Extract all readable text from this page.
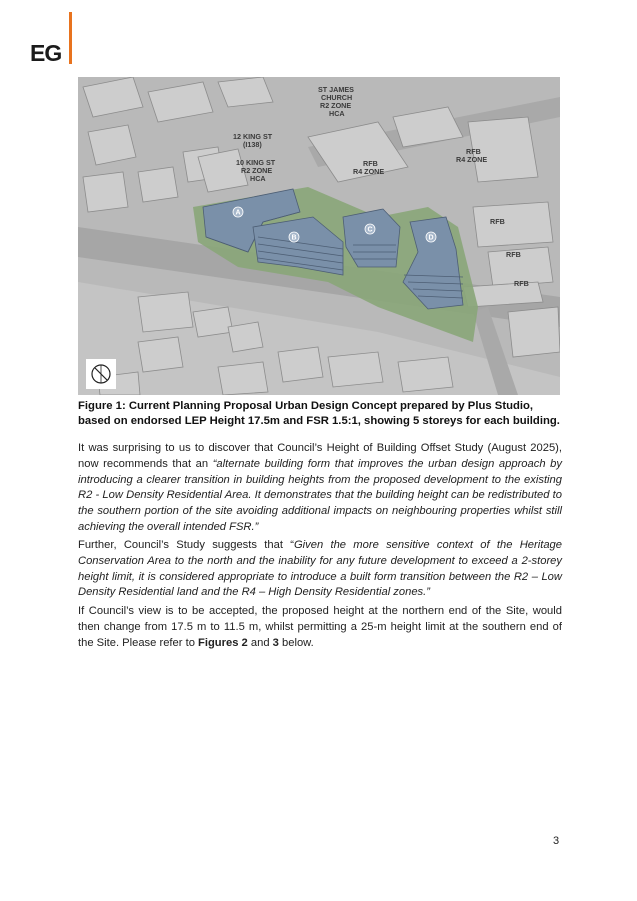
EG
ST JAMES
CHURCH
R2 ZONE
HCA
12 KING ST
(I138)
10 KING ST
R2 ZONE
HCA
RFB
R4 ZONE
RFB
R4 ZONE
RFB
RFB
RFB
A
B
C
D
Figure 1: Current Planning Proposal Urban Design Concept prepared by Plus Studio, based on endorsed LEP Height 17.5m and FSR 1.5:1, showing 5 storeys for each building.
It was surprising to us to discover that Council’s Height of Building Offset Study (August 2025), now recommends that an “alternate building form that improves the urban design approach by introducing a clearer transition in building heights from the proposed development to the existing R2 - Low Density Residential Area. It demonstrates that the building height can be redistributed to the southern portion of the site avoiding additional impacts on neighbouring properties whilst still achieving the overall intended FSR.”
Further, Council’s Study suggests that “Given the more sensitive context of the Heritage Conservation Area to the north and the inability for any future development to exceed a 2-storey height limit, it is considered appropriate to introduce a built form transition between the R2 – Low Density Residential land and the R4 – High Density Residential zones.”
If Council’s view is to be accepted, the proposed height at the northern end of the Site, would then change from 17.5 m to 11.5 m, whilst permitting a 25-m height limit at the southern end of the Site. Please refer to Figures 2 and 3 below.
3
